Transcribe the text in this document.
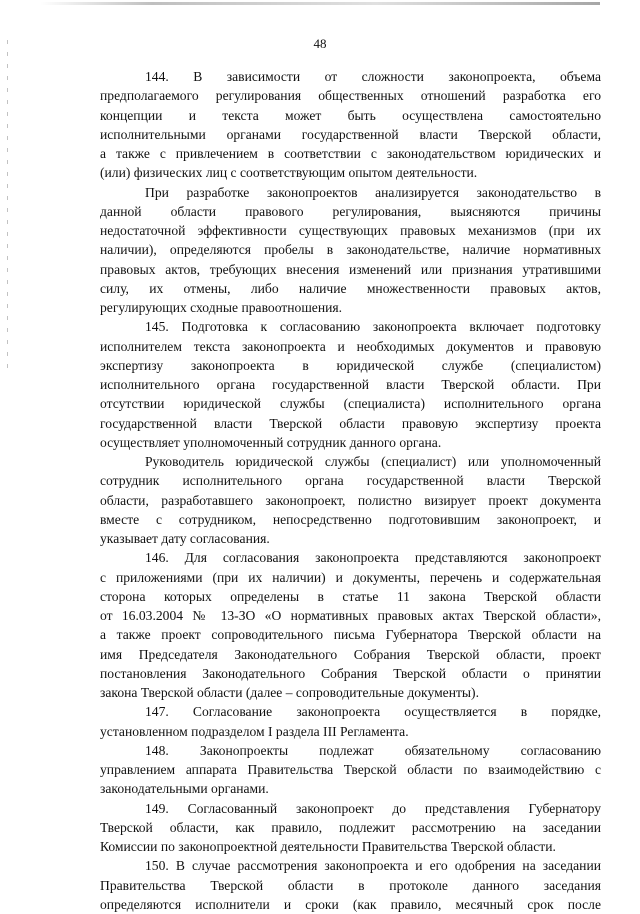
48
144. В зависимости от сложности законопроекта, объема
предполагаемого регулирования общественных отношений разработка его
концепции и текста может быть осуществлена самостоятельно
исполнительными органами государственной власти Тверской области,
а также с привлечением в соответствии с законодательством юридических и
(или) физических лиц с соответствующим опытом деятельности.
При разработке законопроектов анализируется законодательство в
данной области правового регулирования, выясняются причины
недостаточной эффективности существующих правовых механизмов (при их
наличии), определяются пробелы в законодательстве, наличие нормативных
правовых актов, требующих внесения изменений или признания утратившими
силу, их отмены, либо наличие множественности правовых актов,
регулирующих сходные правоотношения.
145. Подготовка к согласованию законопроекта включает подготовку
исполнителем текста законопроекта и необходимых документов и правовую
экспертизу законопроекта в юридической службе (специалистом)
исполнительного органа государственной власти Тверской области. При
отсутствии юридической службы (специалиста) исполнительного органа
государственной власти Тверской области правовую экспертизу проекта
осуществляет уполномоченный сотрудник данного органа.
Руководитель юридической службы (специалист) или уполномоченный
сотрудник исполнительного органа государственной власти Тверской
области, разработавшего законопроект, полистно визирует проект документа
вместе с сотрудником, непосредственно подготовившим законопроект, и
указывает дату согласования.
146. Для согласования законопроекта представляются законопроект
с приложениями (при их наличии) и документы, перечень и содержательная
сторона которых определены в статье 11 закона Тверской области
от 16.03.2004 № 13-ЗО «О нормативных правовых актах Тверской области»,
а также проект сопроводительного письма Губернатора Тверской области на
имя Председателя Законодательного Собрания Тверской области, проект
постановления Законодательного Собрания Тверской области о принятии
закона Тверской области (далее – сопроводительные документы).
147. Согласование законопроекта осуществляется в порядке,
установленном подразделом I раздела III Регламента.
148. Законопроекты подлежат обязательному согласованию
управлением аппарата Правительства Тверской области по взаимодействию с
законодательными органами.
149. Согласованный законопроект до представления Губернатору
Тверской области, как правило, подлежит рассмотрению на заседании
Комиссии по законопроектной деятельности Правительства Тверской области.
150. В случае рассмотрения законопроекта и его одобрения на заседании
Правительства Тверской области в протоколе данного заседания
определяются исполнители и сроки (как правило, месячный срок после
